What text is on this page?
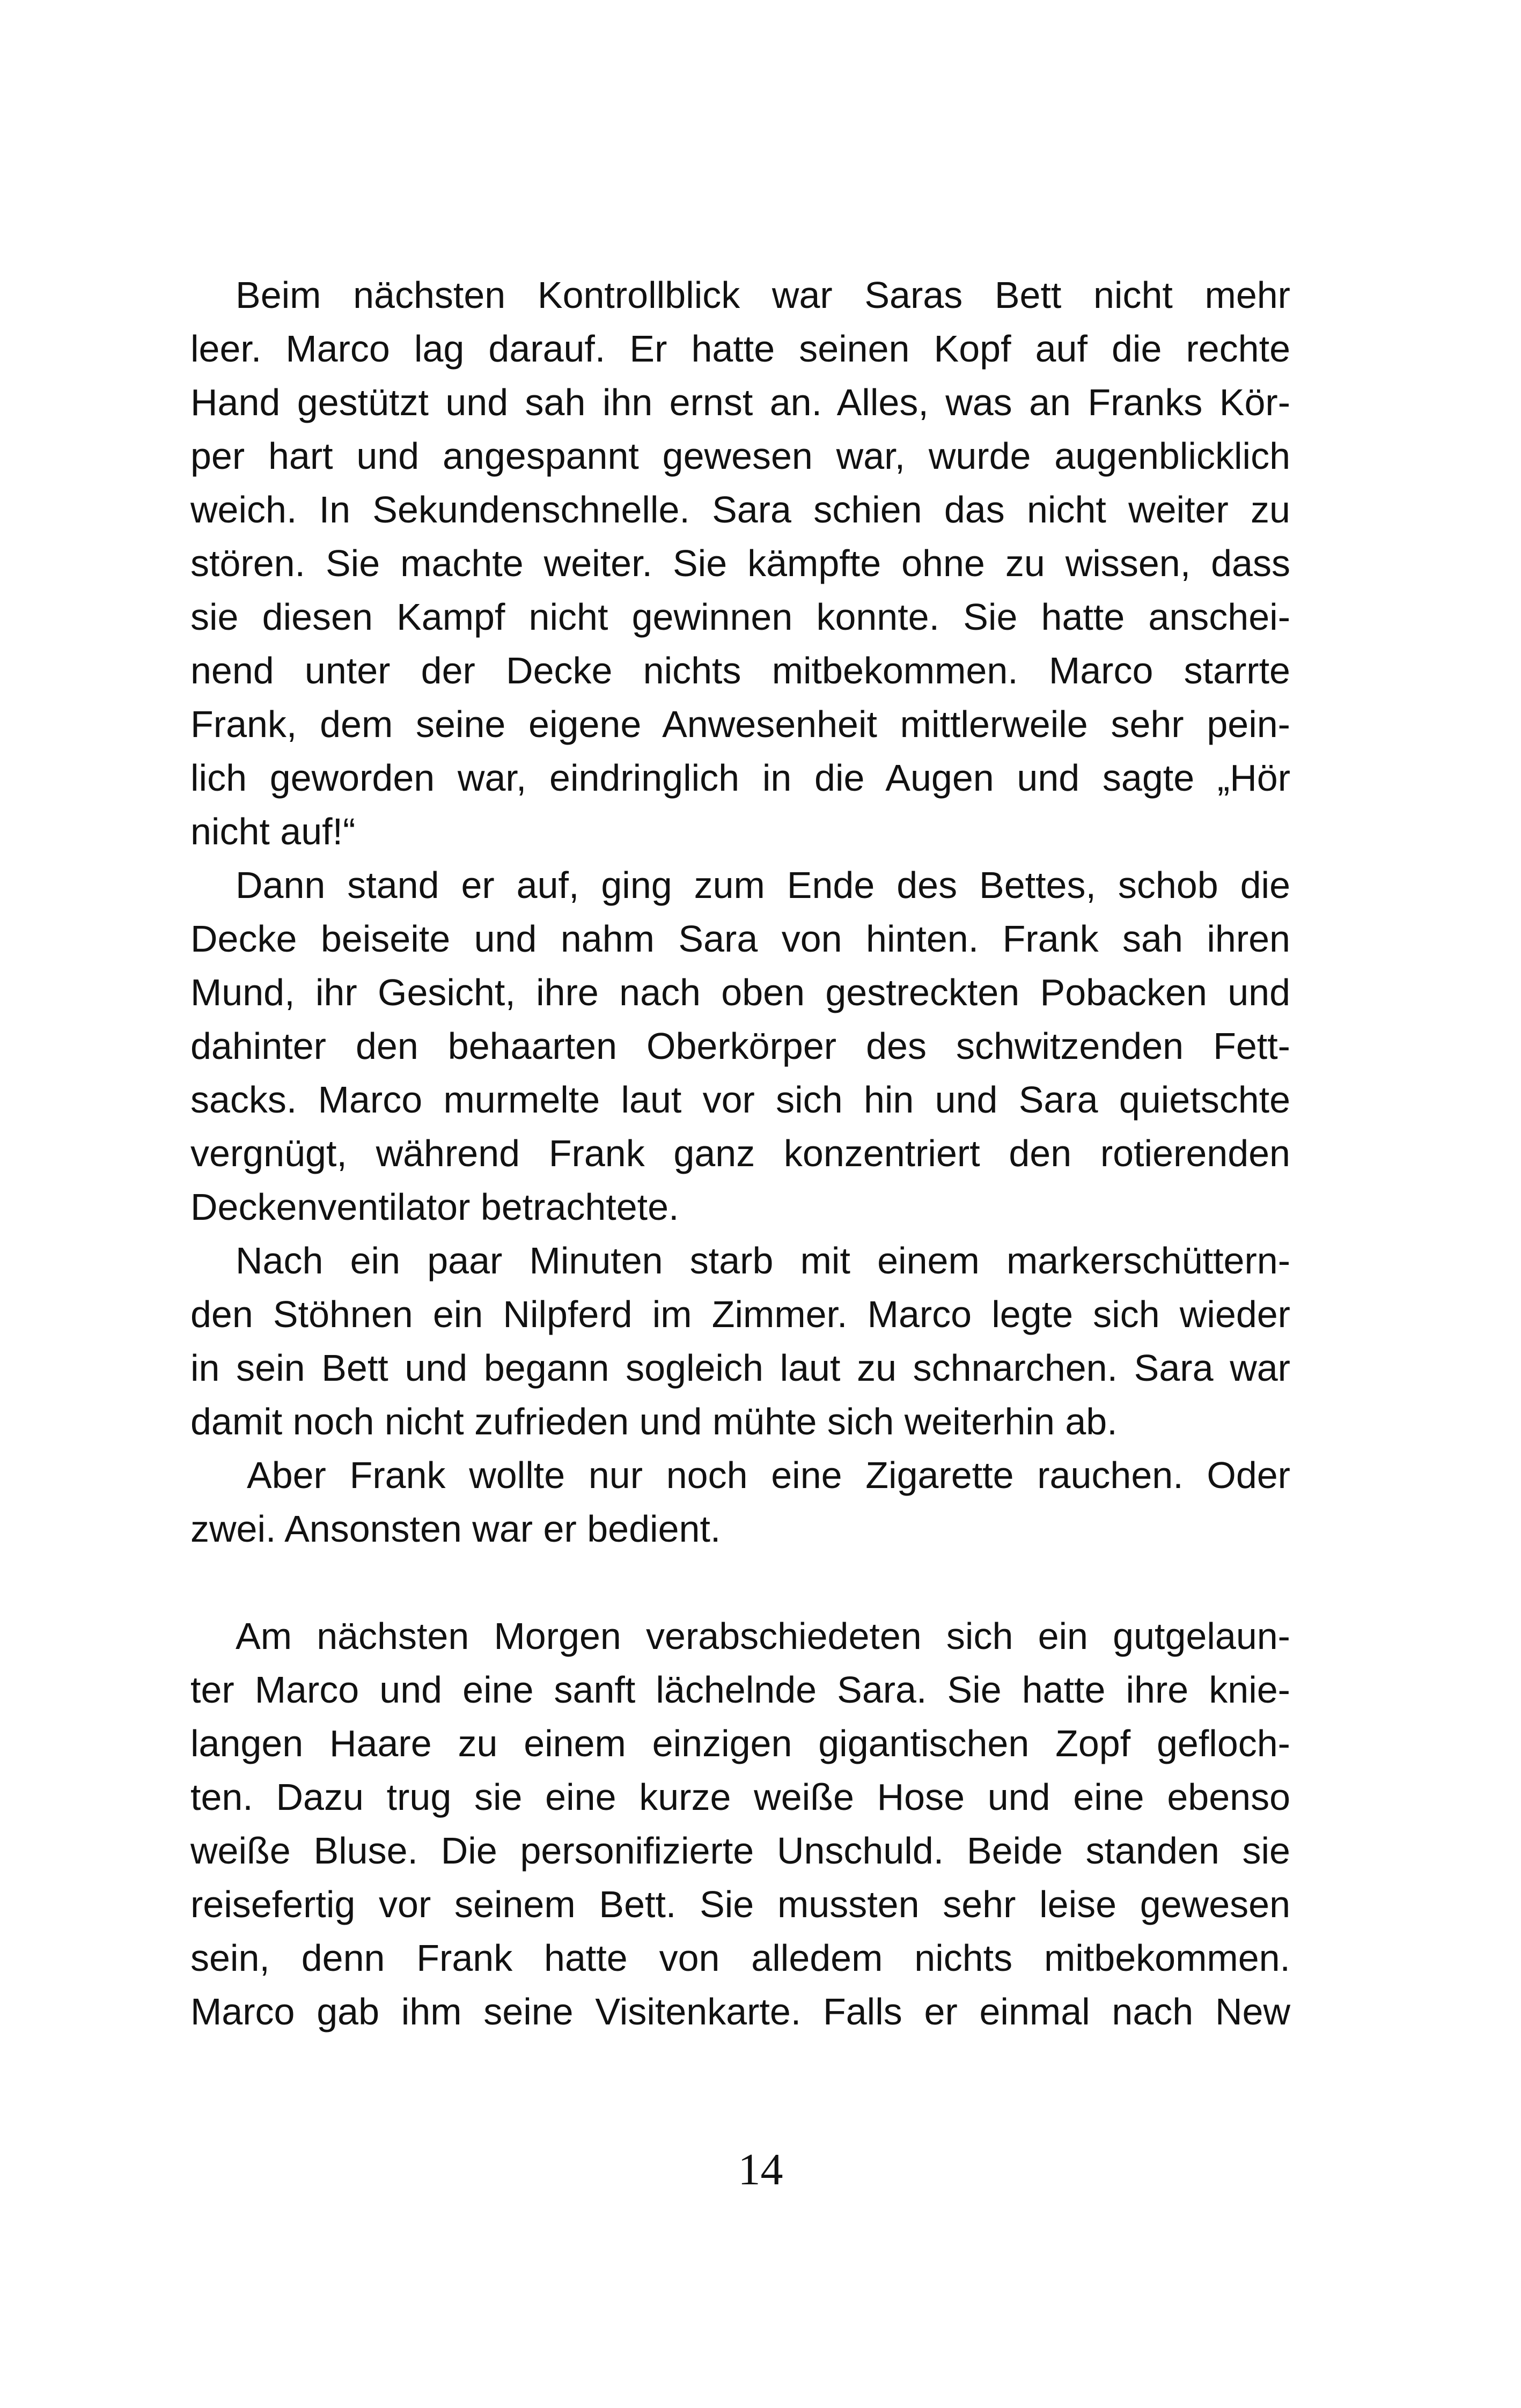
Beim nächsten Kontrollblick war Saras Bett nicht mehr
leer. Marco lag darauf. Er hatte seinen Kopf auf die rechte
Hand gestützt und sah ihn ernst an. Alles, was an Franks Kör-
per hart und angespannt gewesen war, wurde augenblicklich
weich. In Sekundenschnelle. Sara schien das nicht weiter zu
stören. Sie machte weiter. Sie kämpfte ohne zu wissen, dass
sie diesen Kampf nicht gewinnen konnte. Sie hatte anschei-
nend unter der Decke nichts mitbekommen. Marco starrte
Frank, dem seine eigene Anwesenheit mittlerweile sehr pein-
lich geworden war, eindringlich in die Augen und sagte „Hör
nicht auf!“
Dann stand er auf, ging zum Ende des Bettes, schob die
Decke beiseite und nahm Sara von hinten. Frank sah ihren
Mund, ihr Gesicht, ihre nach oben gestreckten Pobacken und
dahinter den behaarten Oberkörper des schwitzenden Fett-
sacks. Marco murmelte laut vor sich hin und Sara quietschte
vergnügt, während Frank ganz konzentriert den rotierenden
Deckenventilator betrachtete.
Nach ein paar Minuten starb mit einem markerschüttern-
den Stöhnen ein Nilpferd im Zimmer. Marco legte sich wieder
in sein Bett und begann sogleich laut zu schnarchen. Sara war
damit noch nicht zufrieden und mühte sich weiterhin ab.
Aber Frank wollte nur noch eine Zigarette rauchen. Oder
zwei. Ansonsten war er bedient.
Am nächsten Morgen verabschiedeten sich ein gutgelaun-
ter Marco und eine sanft lächelnde Sara. Sie hatte ihre knie-
langen Haare zu einem einzigen gigantischen Zopf gefloch-
ten. Dazu trug sie eine kurze weiße Hose und eine ebenso
weiße Bluse. Die personifizierte Unschuld. Beide standen sie
reisefertig vor seinem Bett. Sie mussten sehr leise gewesen
sein, denn Frank hatte von alledem nichts mitbekommen.
Marco gab ihm seine Visitenkarte. Falls er einmal nach New
14
